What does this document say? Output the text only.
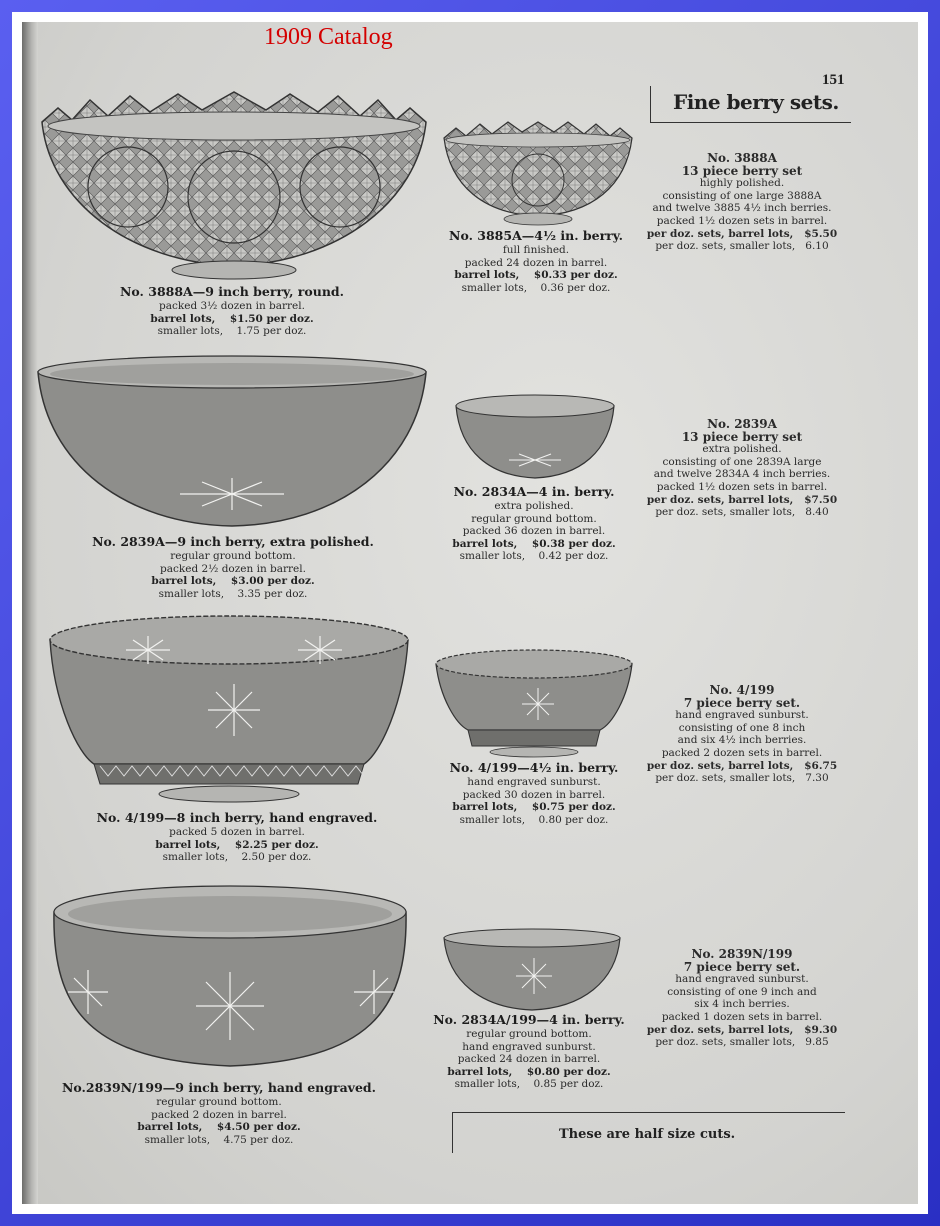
1909 Catalog
151
Fine berry sets.
No. 3888A—9 inch berry, round.
packed 3½ dozen in barrel.
barrel lots,    $1.50 per doz.
smaller lots,    1.75 per doz.
No. 3885A—4½ in. berry.
full finished.
packed 24 dozen in barrel.
barrel lots,    $0.33 per doz.
smaller lots,    0.36 per doz.
No. 2839A—9 inch berry, extra polished.
regular ground bottom.
packed 2½ dozen in barrel.
barrel lots,    $3.00 per doz.
smaller lots,    3.35 per doz.
No. 2834A—4 in. berry.
extra polished.
regular ground bottom.
packed 36 dozen in barrel.
barrel lots,    $0.38 per doz.
smaller lots,    0.42 per doz.
No. 4/199—8 inch berry, hand engraved.
packed 5 dozen in barrel.
barrel lots,    $2.25 per doz.
smaller lots,    2.50 per doz.
No. 4/199—4½ in. berry.
hand engraved sunburst.
packed 30 dozen in barrel.
barrel lots,    $0.75 per doz.
smaller lots,    0.80 per doz.
No.2839N/199—9 inch berry, hand engraved.
regular ground bottom.
packed 2 dozen in barrel.
barrel lots,    $4.50 per doz.
smaller lots,    4.75 per doz.
No. 2834A/199—4 in. berry.
regular ground bottom.
hand engraved sunburst.
packed 24 dozen in barrel.
barrel lots,    $0.80 per doz.
smaller lots,    0.85 per doz.
No. 3888A
13 piece berry set
highly polished.
consisting of one large 3888A
and twelve 3885 4½ inch berries.
packed 1½ dozen sets in barrel.
per doz. sets, barrel lots,   $5.50
per doz. sets, smaller lots,   6.10
No. 2839A
13 piece berry set
extra polished.
consisting of one 2839A large
and twelve 2834A 4 inch berries.
packed 1½ dozen sets in barrel.
per doz. sets, barrel lots,   $7.50
per doz. sets, smaller lots,   8.40
No. 4/199
7 piece berry set.
hand engraved sunburst.
consisting of one 8 inch
and six 4½ inch berries.
packed 2 dozen sets in barrel.
per doz. sets, barrel lots,   $6.75
per doz. sets, smaller lots,   7.30
No. 2839N/199
7 piece berry set.
hand engraved sunburst.
consisting of one 9 inch and
six 4 inch berries.
packed 1 dozen sets in barrel.
per doz. sets, barrel lots,   $9.30
per doz. sets, smaller lots,   9.85
These are half size cuts.
